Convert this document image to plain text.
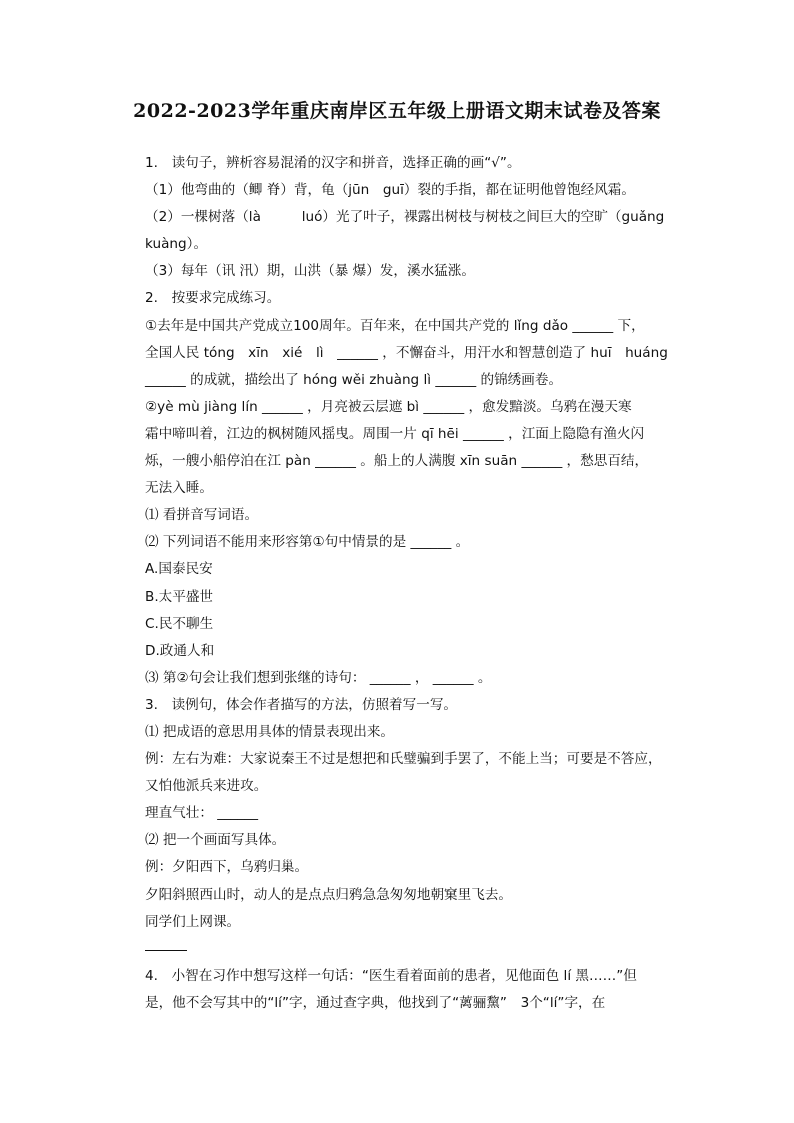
2022-2023学年重庆南岸区五年级上册语文期末试卷及答案
1.　读句子，辨析容易混淆的汉字和拼音，选择正确的画“√”。
（1）他弯曲的（鲫 脊）背，龟（jūn　guī）裂的手指，都在证明他曾饱经风霜。
（2）一棵树落（là　　　luó）光了叶子，裸露出树枝与树枝之间巨大的空旷（guǎng
kuàng）。
（3）每年（讯 汛）期，山洪（暴 爆）发，溪水猛涨。
2.　按要求完成练习。
①去年是中国共产党成立100周年。百年来，在中国共产党的 lǐng dǎo ______ 下，
全国人民 tóng　xīn　xié　lì　______ ，不懈奋斗，用汗水和智慧创造了 huī　huáng
______ 的成就，描绘出了 hóng wěi zhuàng lì ______ 的锦绣画卷。
②yè mù jiàng lín ______ ，月亮被云层遮 bì ______ ，愈发黯淡。乌鸦在漫天寒
霜中啼叫着，江边的枫树随风摇曳。周围一片 qī hēi ______ ，江面上隐隐有渔火闪
烁，一艘小船停泊在江 pàn ______ 。船上的人满腹 xīn suān ______ ，愁思百结，
无法入睡。
⑴ 看拼音写词语。
⑵ 下列词语不能用来形容第①句中情景的是 ______ 。
A.国泰民安
B.太平盛世
C.民不聊生
D.政通人和
⑶ 第②句会让我们想到张继的诗句： ______ ， ______ 。
3.　读例句，体会作者描写的方法，仿照着写一写。
⑴ 把成语的意思用具体的情景表现出来。
例：左右为难：大家说秦王不过是想把和氏璧骗到手罢了，不能上当；可要是不答应，
又怕他派兵来进攻。
理直气壮： ______
⑵ 把一个画面写具体。
例：夕阳西下，乌鸦归巢。
夕阳斜照西山时，动人的是点点归鸦急急匆匆地朝窠里飞去。
同学们上网课。
4.　小智在习作中想写这样一句话：“医生看着面前的患者，见他面色 lí 黑……”但
是，他不会写其中的“lí”字，通过查字典，他找到了“蓠骊黧”　3个“lí”字，在
